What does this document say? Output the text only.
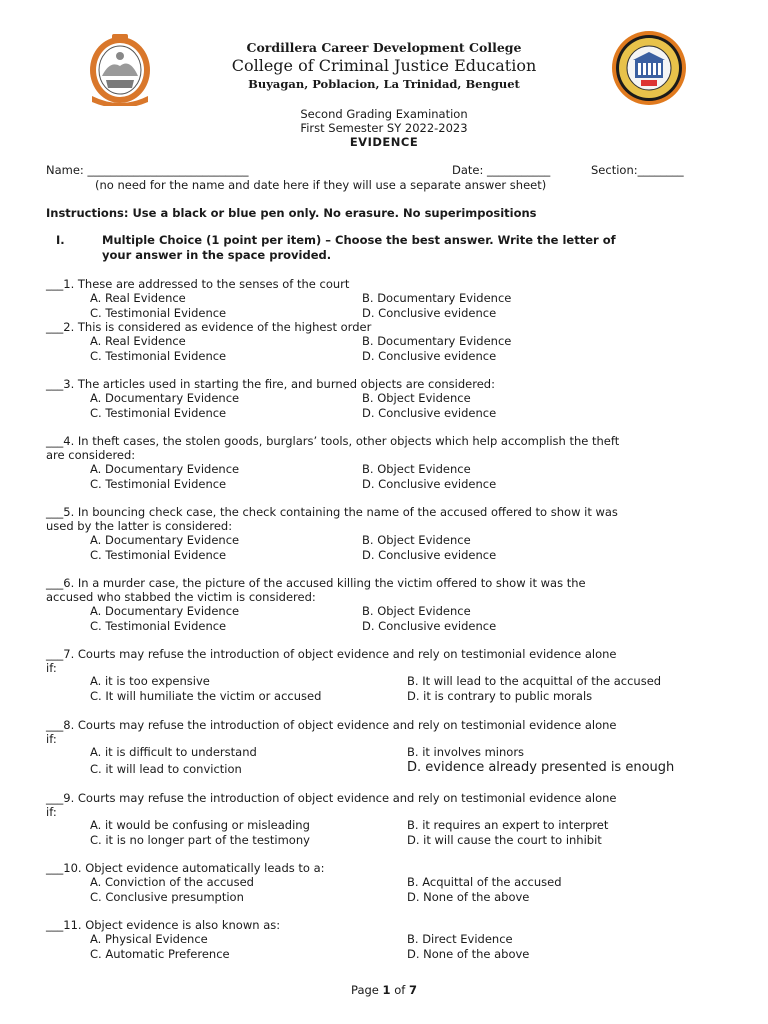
Cordillera Career Development College
College of Criminal Justice Education
Buyagan, Poblacion, La Trinidad, Benguet
Second Grading Examination
First Semester SY 2022-2023
EVIDENCE
Name: ____________________________	Date: ___________	Section:________
(no need for the name and date here if they will use a separate answer sheet)
Instructions: Use a black or blue pen only. No erasure. No superimpositions
I.	Multiple Choice (1 point per item) – Choose the best answer. Write the letter of
your answer in the space provided.
___1. These are addressed to the senses of the court
A. Real Evidence	B. Documentary Evidence
C. Testimonial Evidence	D. Conclusive evidence
___2. This is considered as evidence of the highest order
A. Real Evidence	B. Documentary Evidence
C. Testimonial Evidence	D. Conclusive evidence
___3. The articles used in starting the fire, and burned objects are considered:
A. Documentary Evidence	B. Object Evidence
C. Testimonial Evidence	D. Conclusive evidence
___4. In theft cases, the stolen goods, burglars’ tools, other objects which help accomplish the theft
are considered:
A. Documentary Evidence	B. Object Evidence
C. Testimonial Evidence	D. Conclusive evidence
___5. In bouncing check case, the check containing the name of the accused offered to show it was
used by the latter is considered:
A. Documentary Evidence	B. Object Evidence
C. Testimonial Evidence	D. Conclusive evidence
___6. In a murder case, the picture of the accused killing the victim offered to show it was the
accused who stabbed the victim is considered:
A. Documentary Evidence	B. Object Evidence
C. Testimonial Evidence	D. Conclusive evidence
___7. Courts may refuse the introduction of object evidence and rely on testimonial evidence alone
if:
A. it is too expensive	B. It will lead to the acquittal of the accused
C. It will humiliate the victim or accused	D. it is contrary to public morals
___8. Courts may refuse the introduction of object evidence and rely on testimonial evidence alone
if:
A. it is difficult to understand	B. it involves minors
C. it will lead to conviction	D. evidence already presented is enough
___9. Courts may refuse the introduction of object evidence and rely on testimonial evidence alone
if:
A. it would be confusing or misleading	B. it requires an expert to interpret
C. it is no longer part of the testimony	D. it will cause the court to inhibit
___10. Object evidence automatically leads to a:
A. Conviction of the accused	B. Acquittal of the accused
C. Conclusive presumption	D. None of the above
___11. Object evidence is also known as:
A. Physical Evidence	B. Direct Evidence
C. Automatic Preference	D. None of the above
Page 1 of 7
